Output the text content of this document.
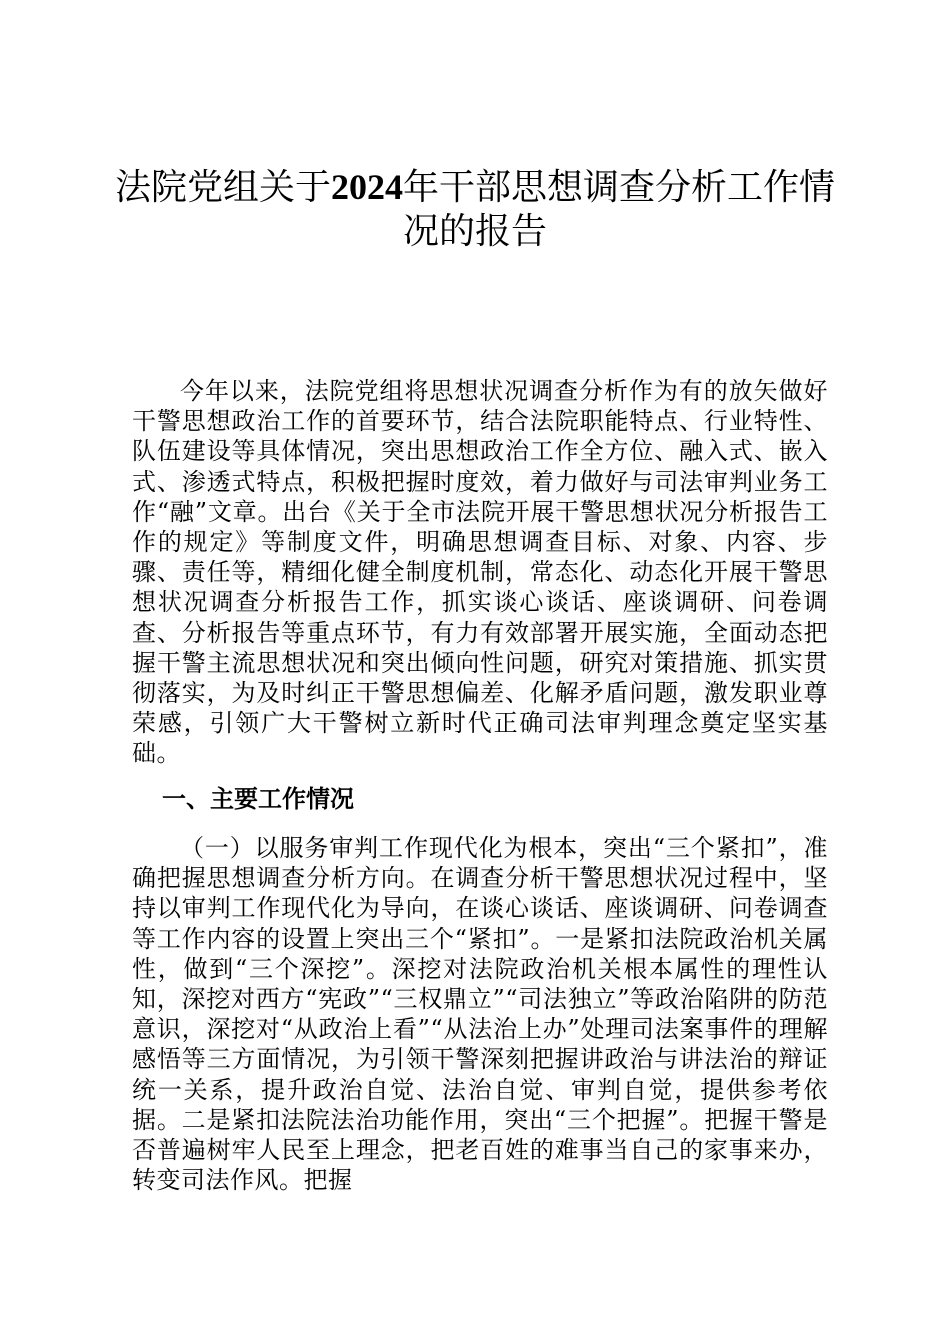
法院党组关于2024年干部思想调查分析工作情况的报告

今年以来，法院党组将思想状况调查分析作为有的放矢做好干警思想政治工作的首要环节，结合法院职能特点、行业特性、队伍建设等具体情况，突出思想政治工作全方位、融入式、嵌入式、渗透式特点，积极把握时度效，着力做好与司法审判业务工作“融”文章。出台《关于全市法院开展干警思想状况分析报告工作的规定》等制度文件，明确思想调查目标、对象、内容、步骤、责任等，精细化健全制度机制，常态化、动态化开展干警思想状况调查分析报告工作，抓实谈心谈话、座谈调研、问卷调查、分析报告等重点环节，有力有效部署开展实施，全面动态把握干警主流思想状况和突出倾向性问题，研究对策措施、抓实贯彻落实，为及时纠正干警思想偏差、化解矛盾问题，激发职业尊荣感，引领广大干警树立新时代正确司法审判理念奠定坚实基础。

一、主要工作情况

（一）以服务审判工作现代化为根本，突出“三个紧扣”，准确把握思想调查分析方向。在调查分析干警思想状况过程中，坚持以审判工作现代化为导向，在谈心谈话、座谈调研、问卷调查等工作内容的设置上突出三个“紧扣”。一是紧扣法院政治机关属性，做到“三个深挖”。深挖对法院政治机关根本属性的理性认知，深挖对西方“宪政”“三权鼎立”“司法独立”等政治陷阱的防范意识，深挖对“从政治上看”“从法治上办”处理司法案事件的理解感悟等三方面情况，为引领干警深刻把握讲政治与讲法治的辩证统一关系，提升政治自觉、法治自觉、审判自觉，提供参考依据。二是紧扣法院法治功能作用，突出“三个把握”。把握干警是否普遍树牢人民至上理念，把老百姓的难事当自己的家事来办，转变司法作风。把握
